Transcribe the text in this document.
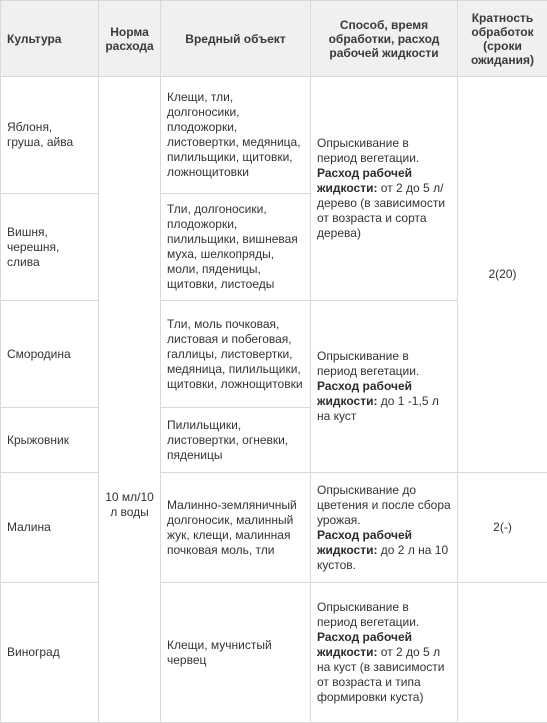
Культура	Норма расхода	Вредный объект	Способ, время обработки, расход рабочей жидкости	Кратность обработок (сроки ожидания)
Яблоня, груша, айва	10 мл/10 л воды	Клещи, тли, долгоносики, плодожорки, листовертки, медяница, пилильщики, щитовки, ложнощитовки	Опрыскивание в период вегетации.
Расход рабочей жидкости: от 2 до 5 л/дерево (в зависимости от возраста и сорта дерева)	2(20)
Вишня, черешня, слива		Тли, долгоносики, плодожорки, пилильщики, вишневая муха, шелкопряды, моли, пяденицы, щитовки, листоеды		
Смородина		Тли, моль почковая, листовая и побеговая, галлицы, листовертки, медяница, пилильщики, щитовки, ложнощитовки	Опрыскивание в период вегетации.
Расход рабочей жидкости: до 1 -1,5 л на куст	
Крыжовник		Пилильщики, листовертки, огневки, пяденицы		
Малина		Малинно-земляничный долгоносик, малинный жук, клещи, малинная почковая моль, тли	Опрыскивание до цветения и после сбора урожая.
Расход рабочей жидкости: до 2 л на 10 кустов.	2(-)
Виноград		Клещи, мучнистый червец	Опрыскивание в период вегетации.
Расход рабочей жидкости: от 2 до 5 л на куст (в зависимости от возраста и типа формировки куста)	
